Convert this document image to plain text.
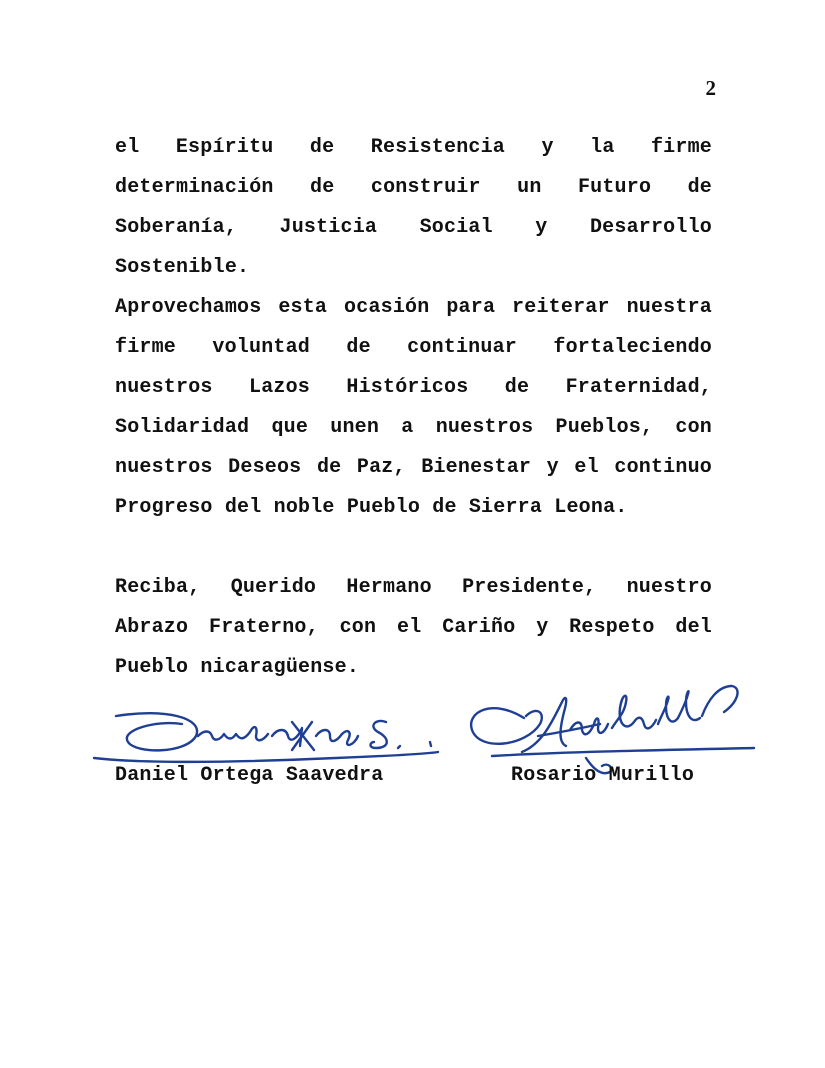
2
el Espíritu de Resistencia y la firme determinación de construir un Futuro de Soberanía, Justicia Social y Desarrollo Sostenible.
Aprovechamos esta ocasión para reiterar nuestra firme voluntad de continuar fortaleciendo nuestros Lazos Históricos de Fraternidad, Solidaridad que unen a nuestros Pueblos, con nuestros Deseos de Paz, Bienestar y el continuo Progreso del noble Pueblo de Sierra Leona.
Reciba, Querido Hermano Presidente, nuestro Abrazo Fraterno, con el Cariño y Respeto del Pueblo nicaragüense.
Daniel Ortega Saavedra	Rosario Murillo
